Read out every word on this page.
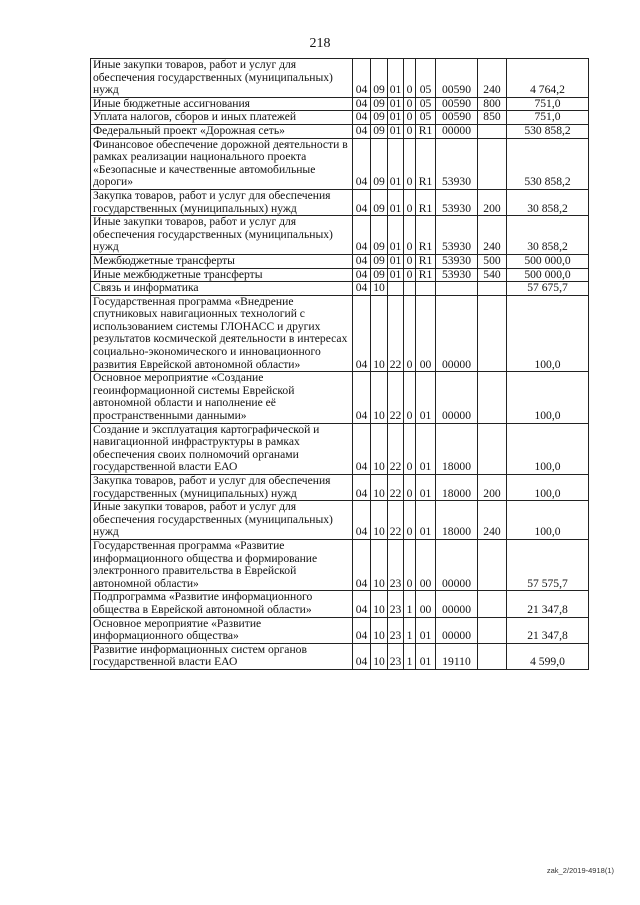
218
Иные закупки товаров, работ и услуг для обеспечения государственных (муниципальных) нужд	04	09	01	0	05	00590	240	4 764,2
Иные бюджетные ассигнования	04	09	01	0	05	00590	800	751,0
Уплата налогов, сборов и иных платежей	04	09	01	0	05	00590	850	751,0
Федеральный проект «Дорожная сеть»	04	09	01	0	R1	00000		530 858,2
Финансовое обеспечение дорожной деятельности в рамках реализации национального проекта «Безопасные и качественные автомобильные дороги»	04	09	01	0	R1	53930		530 858,2
Закупка товаров, работ и услуг для обеспечения государственных (муниципальных) нужд	04	09	01	0	R1	53930	200	30 858,2
Иные закупки товаров, работ и услуг для обеспечения государственных (муниципальных) нужд	04	09	01	0	R1	53930	240	30 858,2
Межбюджетные трансферты	04	09	01	0	R1	53930	500	500 000,0
Иные межбюджетные трансферты	04	09	01	0	R1	53930	540	500 000,0
Связь и информатика	04	10						57 675,7
Государственная программа «Внедрение спутниковых навигационных технологий с использованием системы ГЛОНАСС и других результатов космической деятельности в интересах социально-экономического и инновационного развития Еврейской автономной области»	04	10	22	0	00	00000		100,0
Основное мероприятие «Создание геоинформационной системы Еврейской автономной области и наполнение её пространственными данными»	04	10	22	0	01	00000		100,0
Создание и эксплуатация картографической и навигационной инфраструктуры в рамках обеспечения своих полномочий органами государственной власти ЕАО	04	10	22	0	01	18000		100,0
Закупка товаров, работ и услуг для обеспечения государственных (муниципальных) нужд	04	10	22	0	01	18000	200	100,0
Иные закупки товаров, работ и услуг для обеспечения государственных (муниципальных) нужд	04	10	22	0	01	18000	240	100,0
Государственная программа «Развитие информационного общества и формирование электронного правительства в Еврейской автономной области»	04	10	23	0	00	00000		57 575,7
Подпрограмма «Развитие информационного общества в Еврейской автономной области»	04	10	23	1	00	00000		21 347,8
Основное мероприятие «Развитие информационного общества»	04	10	23	1	01	00000		21 347,8
Развитие информационных систем органов государственной власти ЕАО	04	10	23	1	01	19110		4 599,0
zak_2/2019-4918(1)
